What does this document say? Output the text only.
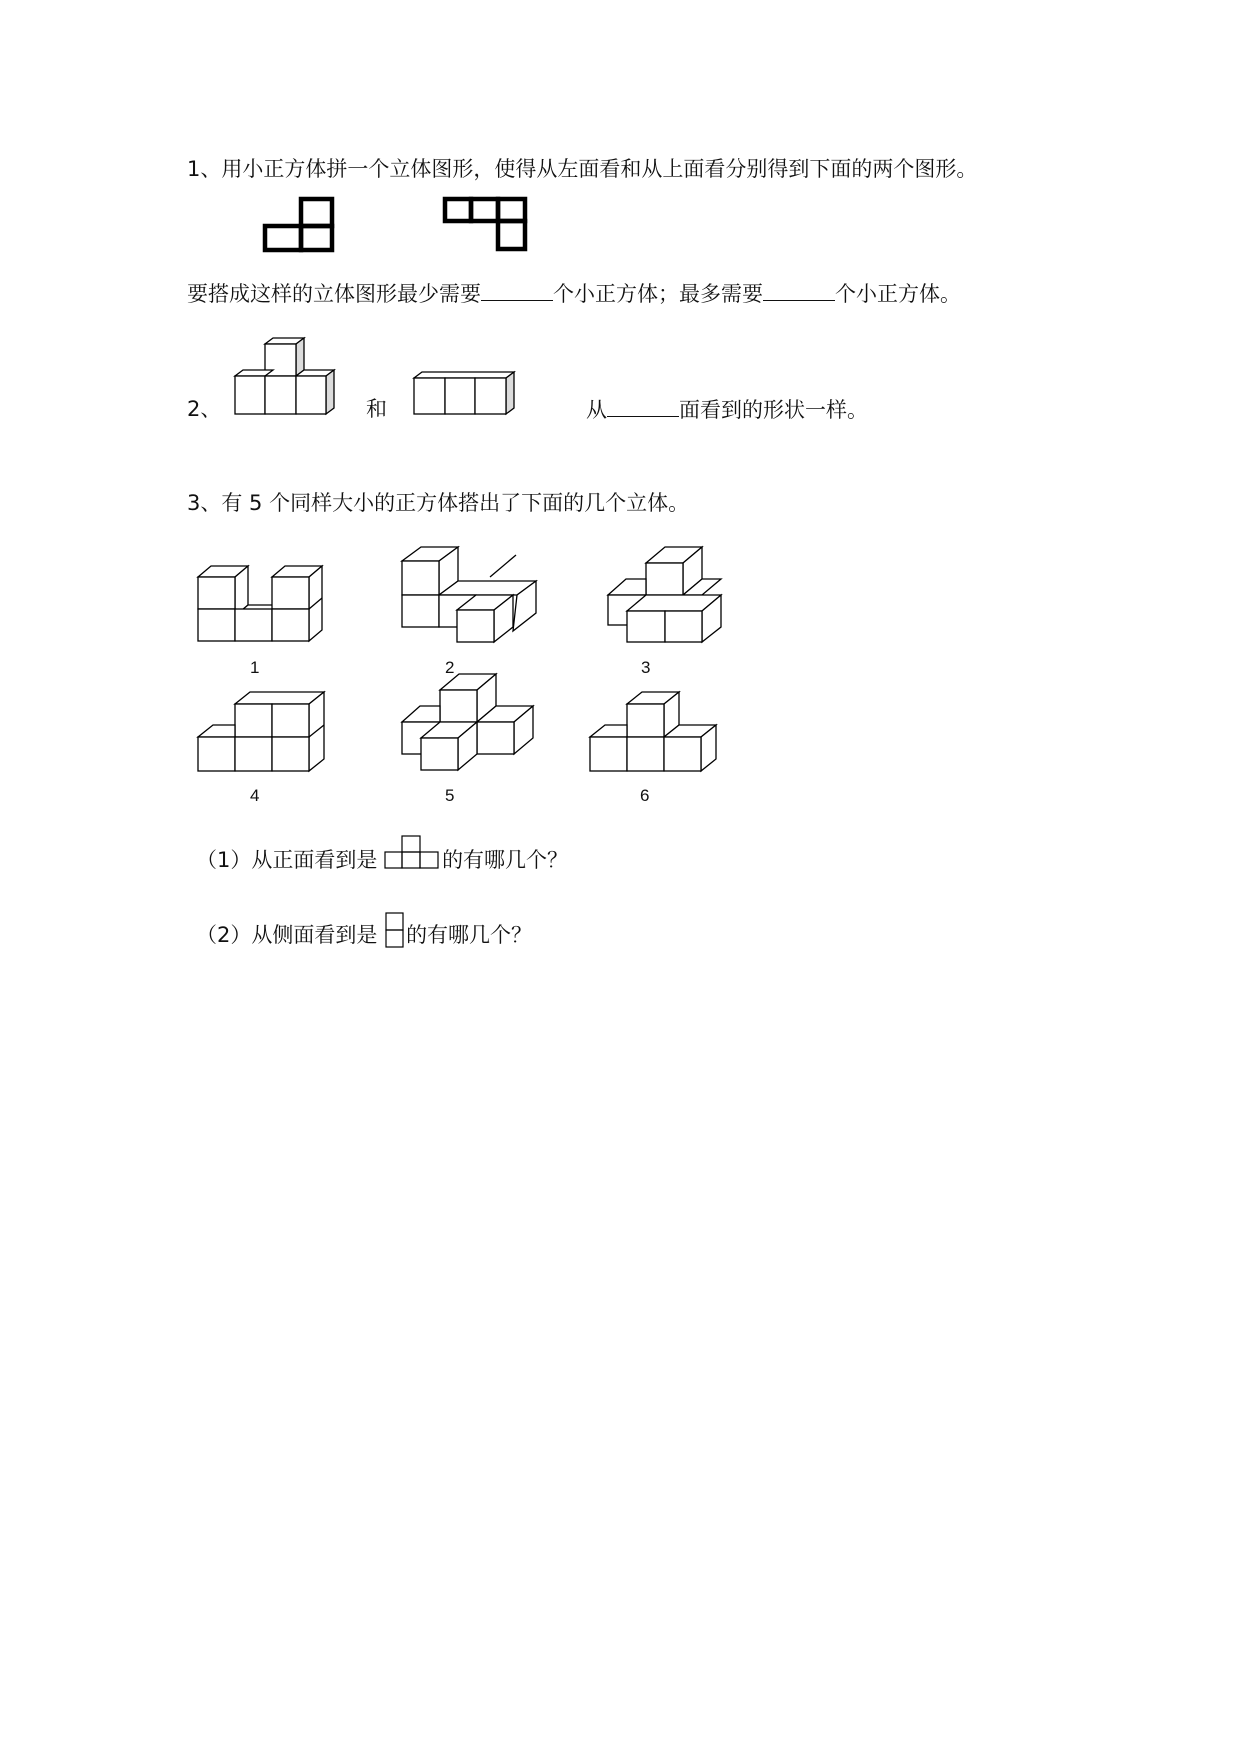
1、用小正方体拼一个立体图形，使得从左面看和从上面看分别得到下面的两个图形。
要搭成这样的立体图形最少需要	个小正方体；最多需要	个小正方体。
2、	和	从	面看到的形状一样。
3、有 5 个同样大小的正方体搭出了下面的几个立体。
1	2	3
4	5	6
（1）从正面看到是	的有哪几个？
（2）从侧面看到是 的有哪几个？
